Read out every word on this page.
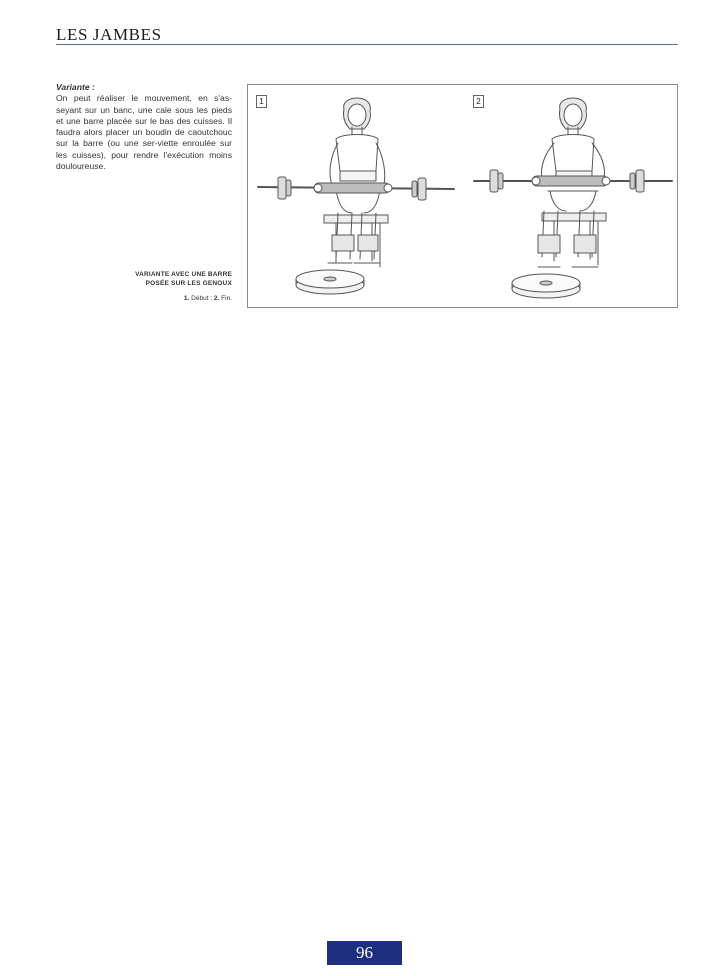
LES JAMBES
Variante :
On peut réaliser le mouvement, en s'as-seyant sur un banc, une cale sous les pieds et une barre placée sur le bas des cuisses. Il faudra alors placer un boudin de caoutchouc sur la barre (ou une ser-viette enroulée sur les cuisses), pour rendre l'exécution moins douloureuse.
VARIANTE AVEC UNE BARRE
POSÉE SUR LES GENOUX
1. Début ; 2. Fin.
1	2
96
